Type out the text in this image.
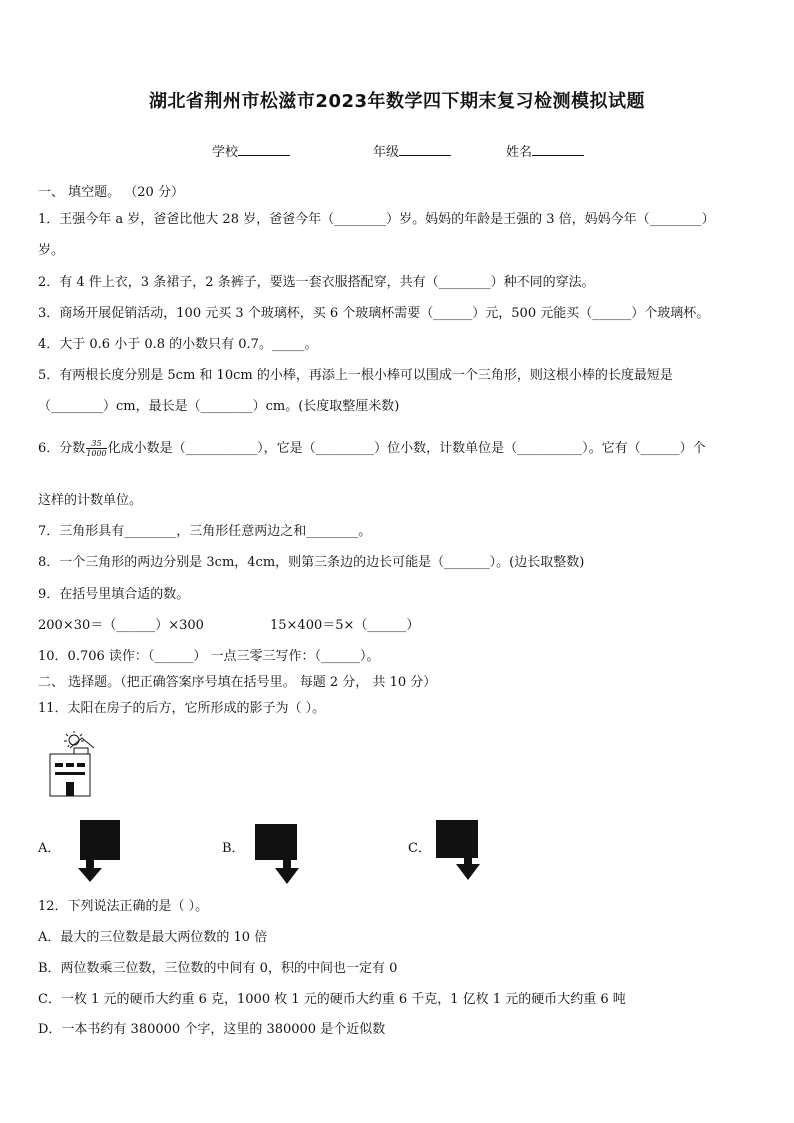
湖北省荆州市松滋市2023年数学四下期末复习检测模拟试题
学校	年级	姓名
一、 填空题。 （20 分）
1．王强今年 a 岁，爸爸比他大 28 岁，爸爸今年（________）岁。妈妈的年龄是王强的 3 倍，妈妈今年（________）
岁。
2．有 4 件上衣，3 条裙子，2 条裤子，要选一套衣服搭配穿，共有（________）种不同的穿法。
3．商场开展促销活动，100 元买 3 个玻璃杯，买 6 个玻璃杯需要（______）元，500 元能买（______）个玻璃杯。
4．大于 0.6 小于 0.8 的小数只有 0.7。_____。
5．有两根长度分别是 5cm 和 10cm 的小棒，再添上一根小棒可以围成一个三角形，则这根小棒的长度最短是
（________）cm，最长是（________）cm。(长度取整厘米数)
6．分数 $\frac{35}{1000}$ 化成小数是（___________），它是（_________）位小数，计数单位是（__________）。它有（______）个
这样的计数单位。
7．三角形具有________，三角形任意两边之和________。
8．一个三角形的两边分别是 3cm，4cm，则第三条边的边长可能是（_______）。(边长取整数)
9．在括号里填合适的数。
200×30＝（______）×300	15×400＝5×（______）
10．0.706 读作：（______） 一点三零三写作：（______）。
二、 选择题。（把正确答案序号填在括号里。 每题 2 分， 共 10 分）
11．太阳在房子的后方，它所形成的影子为（ ）。
A．	B．	C．
12．下列说法正确的是（ ）。
A．最大的三位数是最大两位数的 10 倍
B．两位数乘三位数，三位数的中间有 0，积的中间也一定有 0
C．一枚 1 元的硬币大约重 6 克，1000 枚 1 元的硬币大约重 6 千克，1 亿枚 1 元的硬币大约重 6 吨
D．一本书约有 380000 个字，这里的 380000 是个近似数
